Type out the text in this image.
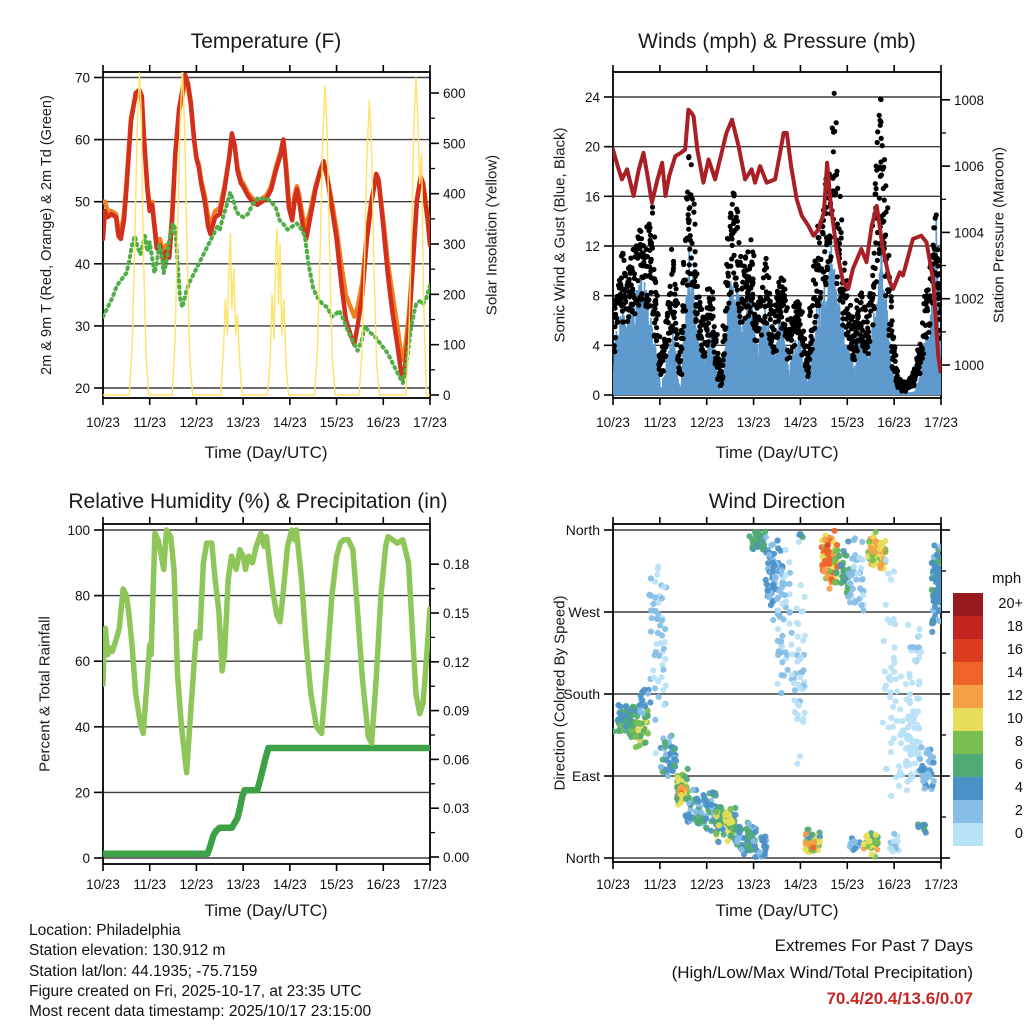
10/23 11/23 12/23 13/23 14/23 15/23 16/23 17/23
20
30
40
50
60
70
0
100
200
300
400
500
600
10/23 11/23 12/23 13/23 14/23 15/23 16/23 17/23
0
4
8
12
16
20
24
1000
1002
1004
1006
1008
10/23 11/23 12/23 13/23 14/23 15/23 16/23 17/23
0
20
40
60
80
100
0.00
0.03
0.06
0.09
0.12
0.15
0.18
10/23 11/23 12/23 13/23 14/23 15/23 16/23 17/23
North
West
South
East
North
Temperature (F)	Winds (mph) & Pressure (mb)
Relative Humidity (%) & Precipitation (in)	Wind Direction
Time (Day/UTC)	Time (Day/UTC)
Time (Day/UTC)	Time (Day/UTC)
2m & 9m T (Red, Orange) & 2m Td (Green)	Solar Insolation (Yellow)	Sonic Wind & Gust (Blue, Black)	Station Pressure (Maroon)
Percent & Total Rainfall	Direction (Colored By Speed)
mph
20+
18
16
14
12
10
8
6
4
2
0
Location: Philadelphia
Station elevation: 130.912 m
Station lat/lon: 44.1935; -75.7159
Figure created on Fri, 2025-10-17, at 23:35 UTC
Most recent data timestamp: 2025/10/17 23:15:00
Extremes For Past 7 Days
(High/Low/Max Wind/Total Precipitation)
70.4/20.4/13.6/0.07
